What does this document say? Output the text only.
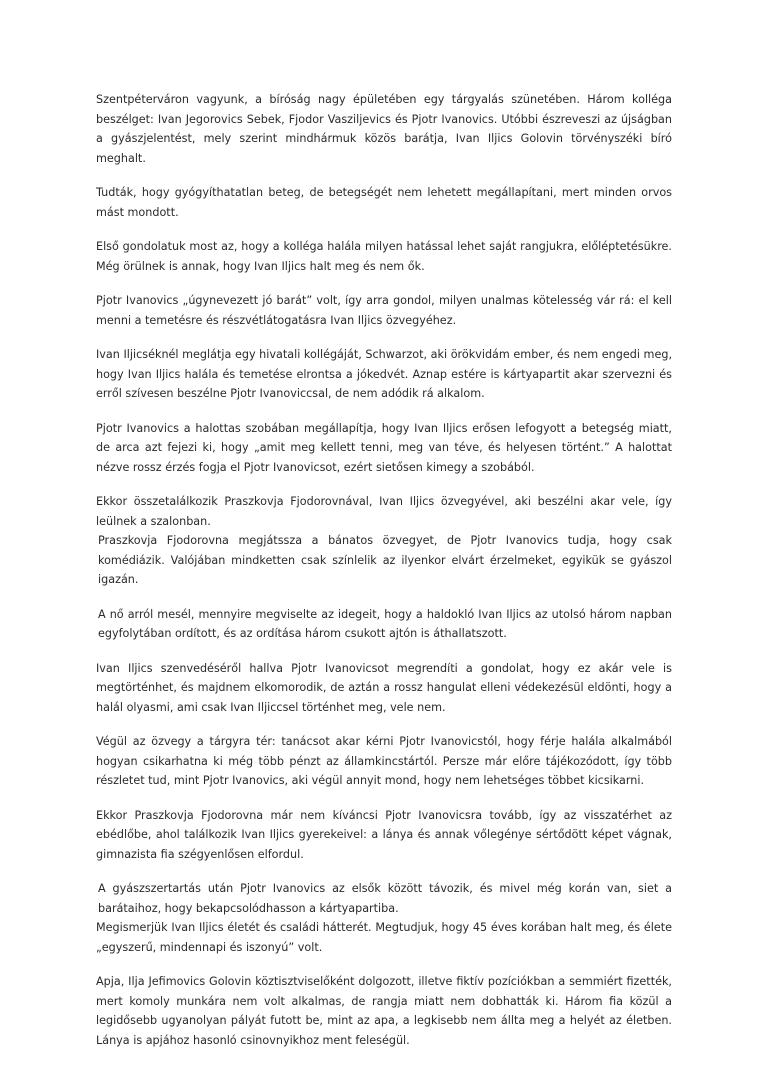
Szentpéterváron vagyunk, a bíróság nagy épületében egy tárgyalás szünetében. Három kolléga beszélget: Ivan Jegorovics Sebek, Fjodor Vasziljevics és Pjotr Ivanovics. Utóbbi észreveszi az újságban a gyászjelentést, mely szerint mindhármuk közös barátja, Ivan Iljics Golovin törvényszéki bíró meghalt.

Tudták, hogy gyógyíthatatlan beteg, de betegségét nem lehetett megállapítani, mert minden orvos mást mondott.

Első gondolatuk most az, hogy a kolléga halála milyen hatással lehet saját rangjukra, előléptetésükre. Még örülnek is annak, hogy Ivan Iljics halt meg és nem ők.

Pjotr Ivanovics „úgynevezett jó barát” volt, így arra gondol, milyen unalmas kötelesség vár rá: el kell menni a temetésre és részvétlátogatásra Ivan Iljics özvegyéhez.

Ivan Iljicséknél meglátja egy hivatali kollégáját, Schwarzot, aki örökvidám ember, és nem engedi meg, hogy Ivan Iljics halála és temetése elrontsa a jókedvét. Aznap estére is kártyapartit akar szervezni és erről szívesen beszélne Pjotr Ivanoviccsal, de nem adódik rá alkalom.

Pjotr Ivanovics a halottas szobában megállapítja, hogy Ivan Iljics erősen lefogyott a betegség miatt, de arca azt fejezi ki, hogy „amit meg kellett tenni, meg van téve, és helyesen történt.” A halottat nézve rossz érzés fogja el Pjotr Ivanovicsot, ezért sietősen kimegy a szobából.

Ekkor összetalálkozik Praszkovja Fjodorovnával, Ivan Iljics özvegyével, aki beszélni akar vele, így leülnek a szalonban.

Praszkovja Fjodorovna megjátssza a bánatos özvegyet, de Pjotr Ivanovics tudja, hogy csak komédiázik. Valójában mindketten csak színlelik az ilyenkor elvárt érzelmeket, egyikük se gyászol igazán.

A nő arról mesél, mennyire megviselte az idegeit, hogy a haldokló Ivan Iljics az utolsó három napban egyfolytában ordított, és az ordítása három csukott ajtón is áthallatszott.

Ivan Iljics szenvedéséről hallva Pjotr Ivanovicsot megrendíti a gondolat, hogy ez akár vele is megtörténhet, és majdnem elkomorodik, de aztán a rossz hangulat elleni védekezésül eldönti, hogy a halál olyasmi, ami csak Ivan Iljiccsel történhet meg, vele nem.

Végül az özvegy a tárgyra tér: tanácsot akar kérni Pjotr Ivanovicstól, hogy férje halála alkalmából hogyan csikarhatna ki még több pénzt az államkincstártól. Persze már előre tájékozódott, így több részletet tud, mint Pjotr Ivanovics, aki végül annyit mond, hogy nem lehetséges többet kicsikarni.

Ekkor Praszkovja Fjodorovna már nem kíváncsi Pjotr Ivanovicsra tovább, így az visszatérhet az ebédlőbe, ahol találkozik Ivan Iljics gyerekeivel: a lánya és annak vőlegénye sértődött képet vágnak, gimnazista fia szégyenlősen elfordul.

A gyászszertartás után Pjotr Ivanovics az elsők között távozik, és mivel még korán van, siet a barátaihoz, hogy bekapcsolódhasson a kártyapartiba.

Megismerjük Ivan Iljics életét és családi hátterét. Megtudjuk, hogy 45 éves korában halt meg, és élete „egyszerű, mindennapi és iszonyú” volt.

Apja, Ilja Jefimovics Golovin köztisztviselőként dolgozott, illetve fiktív pozíciókban a semmiért fizették, mert komoly munkára nem volt alkalmas, de rangja miatt nem dobhatták ki. Három fia közül a legidősebb ugyanolyan pályát futott be, mint az apa, a legkisebb nem állta meg a helyét az életben. Lánya is apjához hasonló csinovnyikhoz ment feleségül.
